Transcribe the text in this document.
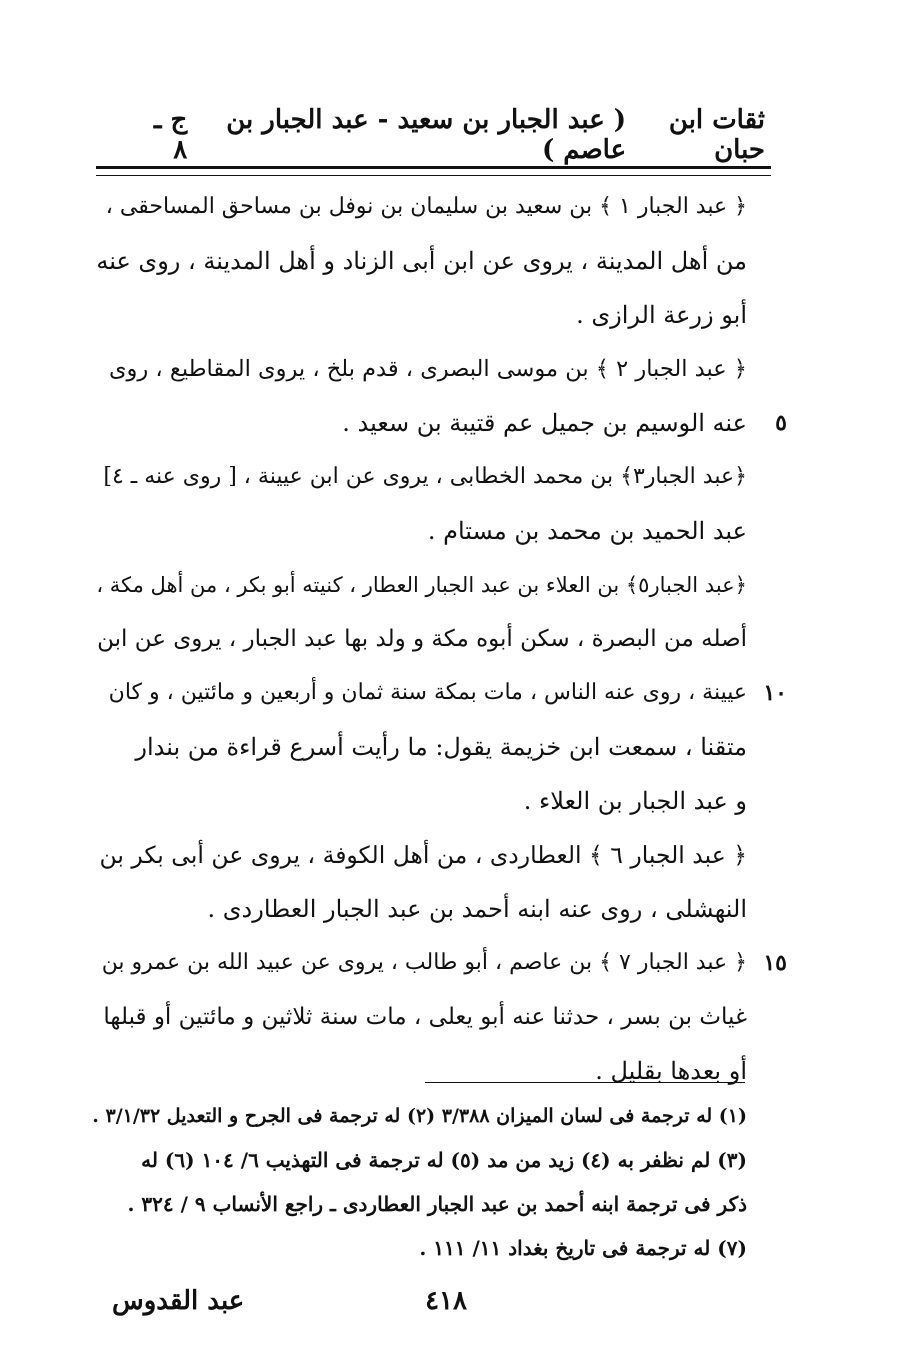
ثقات ابن حبان
( عبد الجبار بن سعيد - عبد الجبار بن عاصم )
ج ـ ٨
﴿ عبد الجبار ١ ﴾ بن سعيد بن سليمان بن نوفل بن مساحق المساحقى ،
من أهل المدينة ، يروى عن ابن أبى الزناد و أهل المدينة ، روى عنه
أبو زرعة الرازى .
﴿ عبد الجبار ٢ ﴾ بن موسى البصرى ، قدم بلخ ، يروى المقاطيع ، روى
٥
عنه الوسيم بن جميل عم قتيبة بن سعيد .
﴿عبد الجبار٣﴾ بن محمد الخطابى ، يروى عن ابن عيينة ، [ روى عنه ـ ٤]
عبد الحميد بن محمد بن مستام .
﴿عبد الجبار٥﴾ بن العلاء بن عبد الجبار العطار ، كنيته أبو بكر ، من أهل مكة ،
أصله من البصرة ، سكن أبوه مكة و ولد بها عبد الجبار ، يروى عن ابن
١٠
عيينة ، روى عنه الناس ، مات بمكة سنة ثمان و أربعين و مائتين ، و كان
متقنا ، سمعت ابن خزيمة يقول: ما رأيت أسرع قراءة من بندار
و عبد الجبار بن العلاء .
﴿ عبد الجبار ٦ ﴾ العطاردى ، من أهل الكوفة ، يروى عن أبى بكر بن
النهشلى ، روى عنه ابنه أحمد بن عبد الجبار العطاردى .
١٥
﴿ عبد الجبار ٧ ﴾ بن عاصم ، أبو طالب ، يروى عن عبيد الله بن عمرو بن
غياث بن بسر ، حدثنا عنه أبو يعلى ، مات سنة ثلاثين و مائتين أو قبلها
أو بعدها بقليل .
(١) له ترجمة فى لسان الميزان ٣/٣٨٨ (٢) له ترجمة فى الجرح و التعديل ٣/١/٣٢ .
(٣) لم نظفر به (٤) زيد من مد (٥) له ترجمة فى التهذيب ٦/ ١٠٤ (٦) له
ذكر فى ترجمة ابنه أحمد بن عبد الجبار العطاردى ـ راجع الأنساب ٩ / ٣٢٤ .
(٧) له ترجمة فى تاريخ بغداد ١١/ ١١١ .
٤١٨
عبد القدوس
